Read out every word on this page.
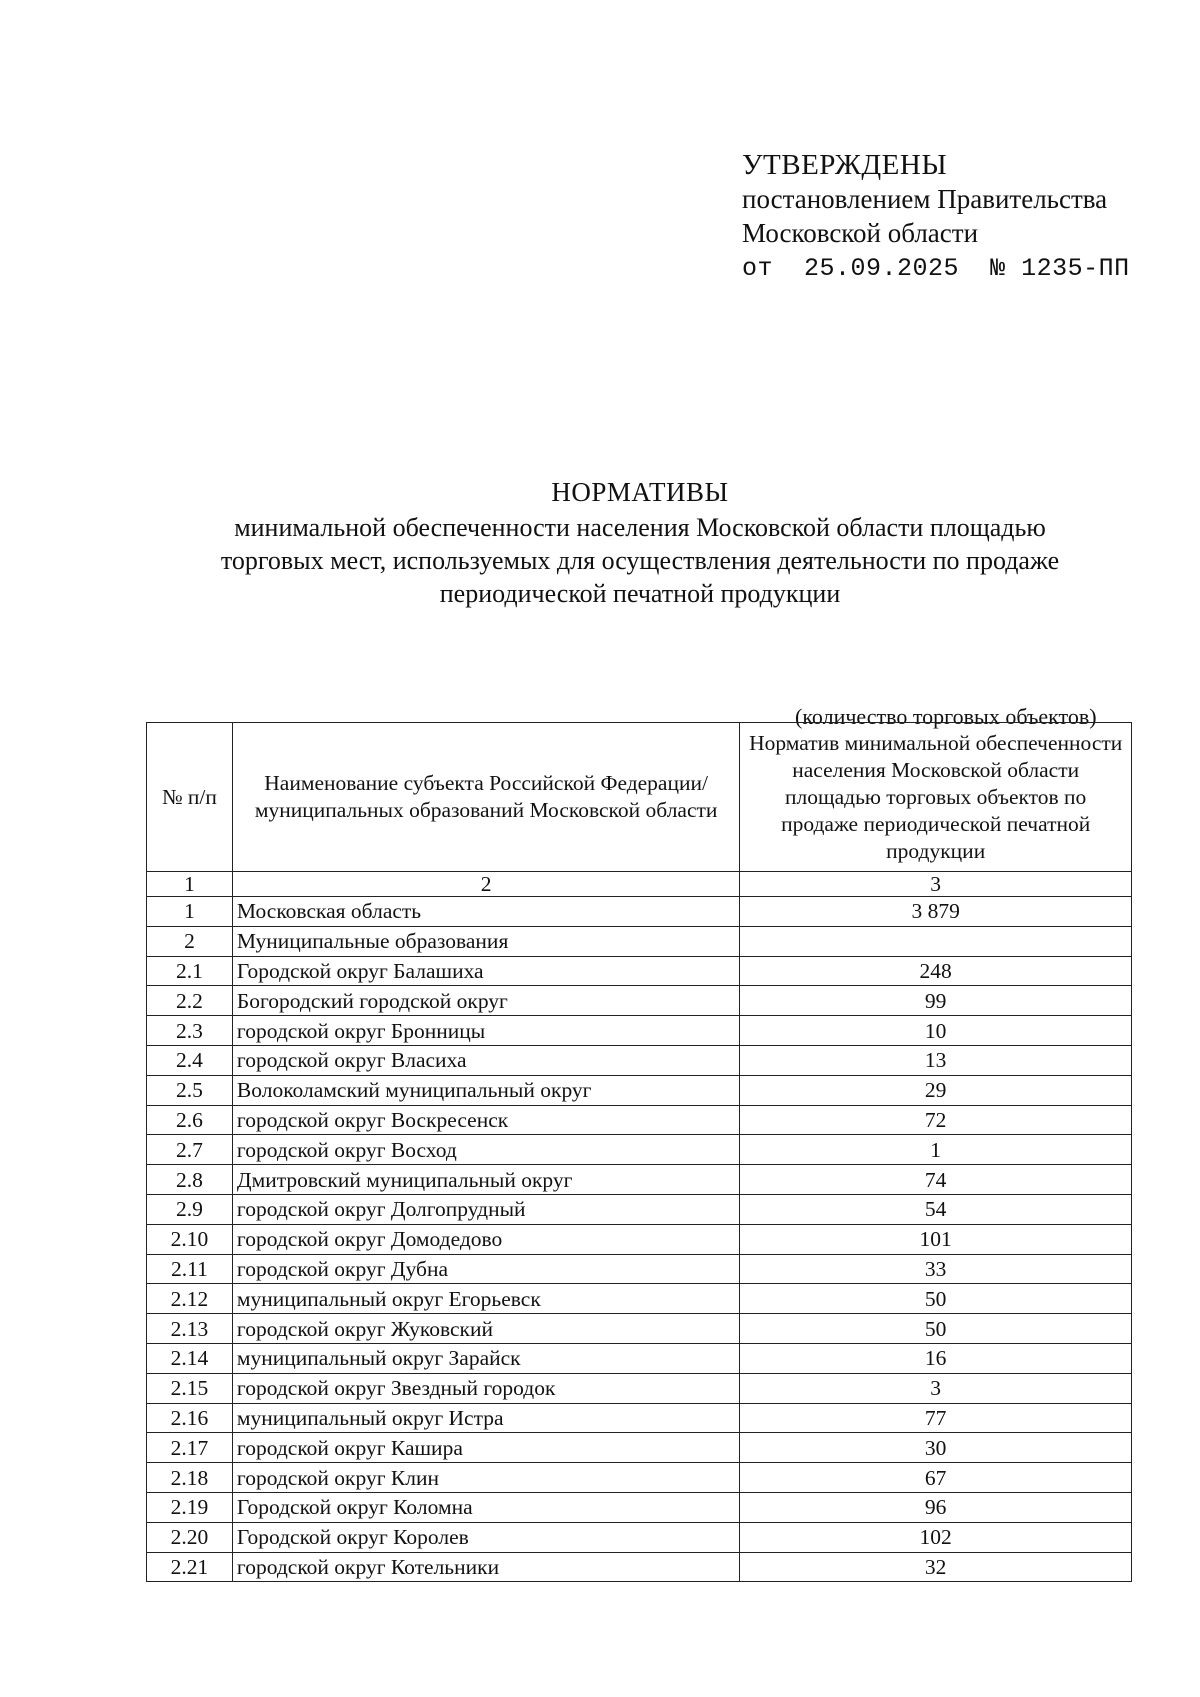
УТВЕРЖДЕНЫ
постановлением Правительства
Московской области
от 25.09.2025 № 1235-ПП
НОРМАТИВЫ
минимальной обеспеченности населения Московской области площадью
торговых мест, используемых для осуществления деятельности по продаже
периодической печатной продукции
(количество торговых объектов)
№ п/п	Наименование субъекта Российской Федерации/муниципальных образований Московской области	Норматив минимальной обеспеченности населения Московской области площадью торговых объектов по продаже периодической печатной продукции
1	2	3
1	Московская область	3 879
2	Муниципальные образования	
2.1	Городской округ Балашиха	248
2.2	Богородский городской округ	99
2.3	городской округ Бронницы	10
2.4	городской округ Власиха	13
2.5	Волоколамский муниципальный округ	29
2.6	городской округ Воскресенск	72
2.7	городской округ Восход	1
2.8	Дмитровский муниципальный округ	74
2.9	городской округ Долгопрудный	54
2.10	городской округ Домодедово	101
2.11	городской округ Дубна	33
2.12	муниципальный округ Егорьевск	50
2.13	городской округ Жуковский	50
2.14	муниципальный округ Зарайск	16
2.15	городской округ Звездный городок	3
2.16	муниципальный округ Истра	77
2.17	городской округ Кашира	30
2.18	городской округ Клин	67
2.19	Городской округ Коломна	96
2.20	Городской округ Королев	102
2.21	городской округ Котельники	32
